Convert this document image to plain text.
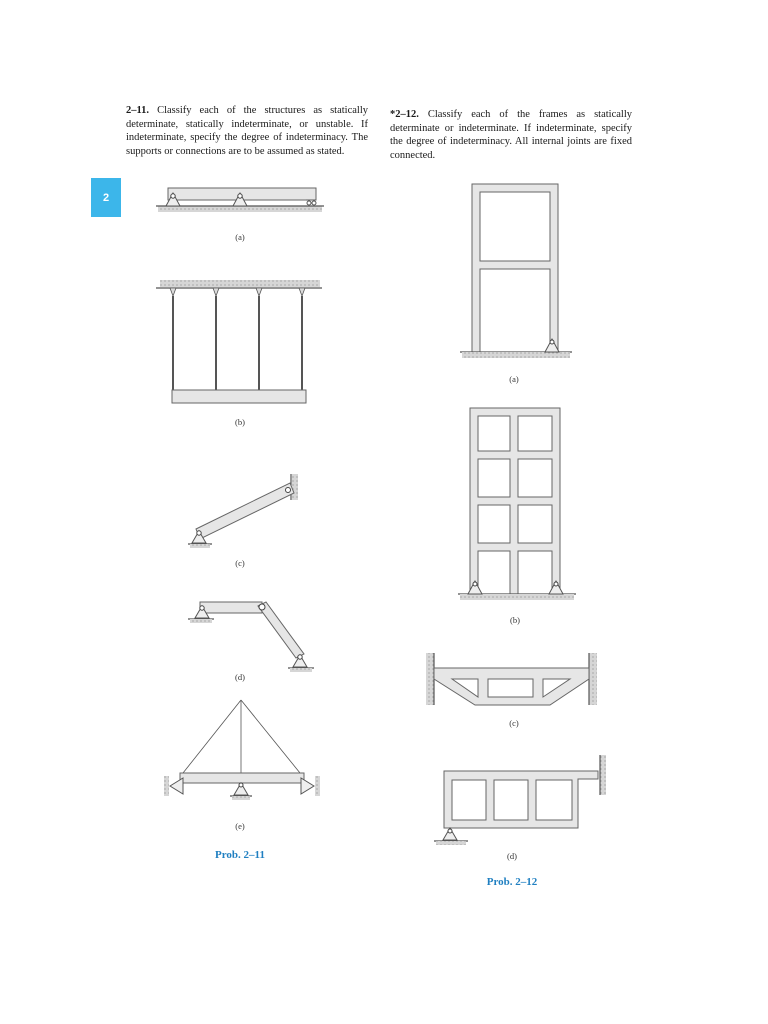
2–11. Classify each of the structures as statically determinate, statically indeterminate, or unstable. If indeterminate, specify the degree of indeterminacy. The supports or connections are to be assumed as stated.
*2–12. Classify each of the frames as statically determinate or indeterminate. If indeterminate, specify the degree of indeterminacy. All internal joints are fixed connected.
2
(a)
(b)
(c)
(d)
(e)
Prob. 2–11
(a)
(b)
(c)
(d)
Prob. 2–12
